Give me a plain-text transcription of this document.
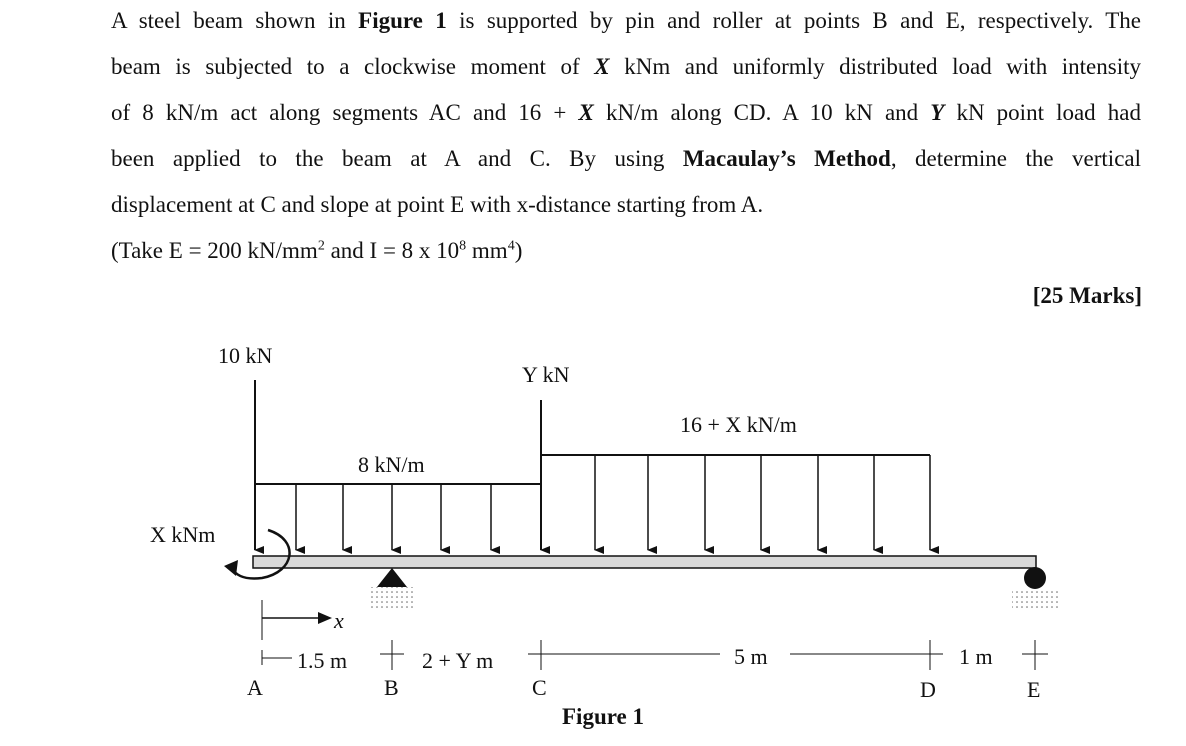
A steel beam shown in Figure 1 is supported by pin and roller at points B and E, respectively. The
beam is subjected to a clockwise moment of X kNm and uniformly distributed load with intensity
of 8 kN/m act along segments AC and 16 + X kN/m along CD. A 10 kN and Y kN point load had
been applied to the beam at A and C. By using Macaulay’s Method, determine the vertical
displacement at C and slope at point E with x-distance starting from A.
(Take E = 200 $kN/mm^2$ and I = 8 x $10^8$ $mm^4$)
[25 Marks]
10 kN
Y kN
8 kN/m
16 + X kN/m
X kNm
x
1.5 m	2 + Y m	5 m	1 m
A	B	C	D	E
Figure 1
